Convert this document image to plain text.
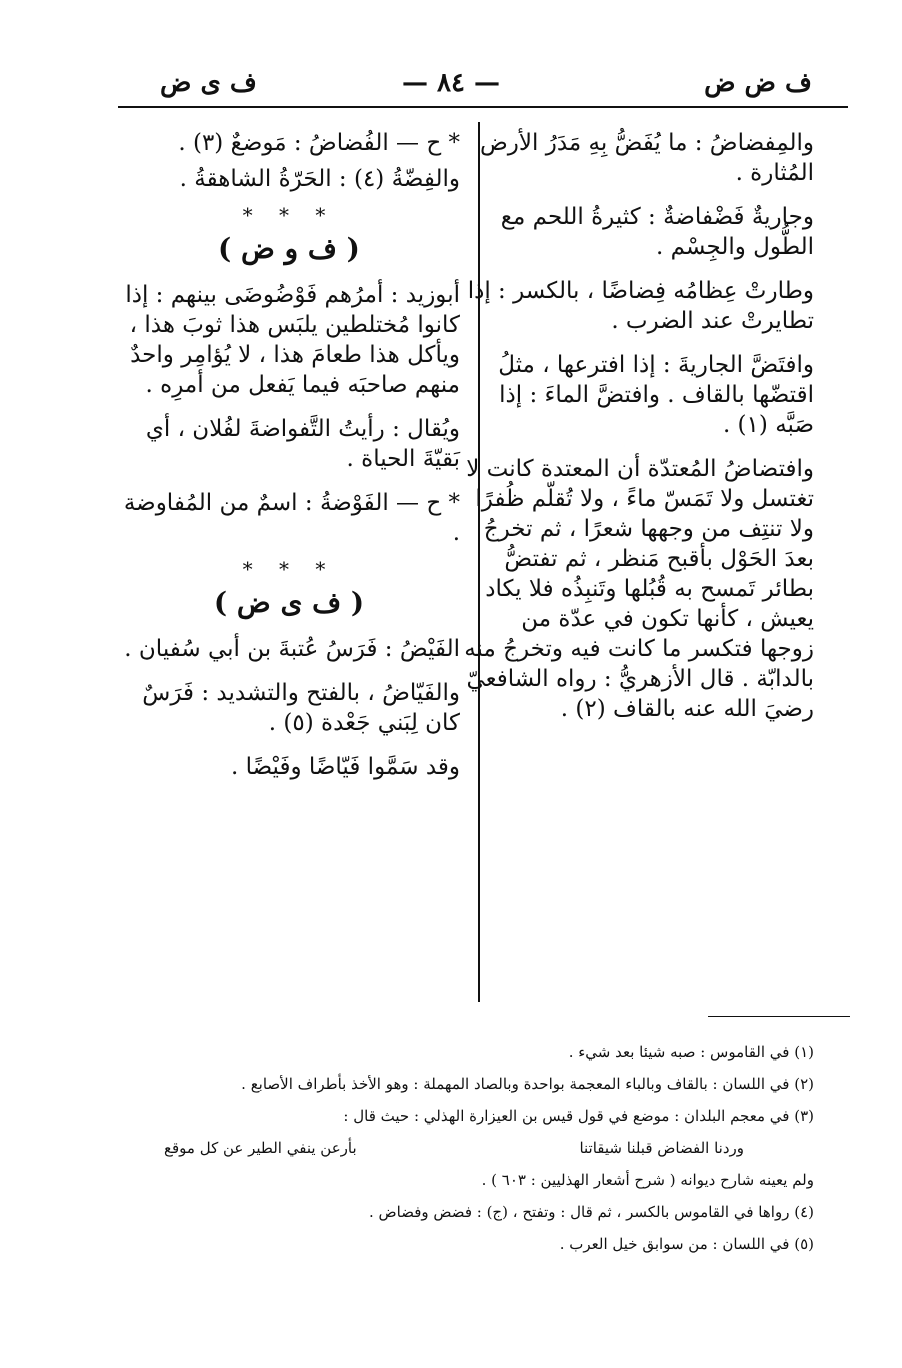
ف ض ض
— ٨٤ —
ف ى ض

والمِفضاضُ : ما يُفَضُّ بِهِ مَدَرُ الأرض المُثارة .

وجاريةٌ فَضْفاضةٌ : كثيرةُ اللحم مع الطُّول والجِسْم .

وطارتْ عِظامُه فِضاضًا ، بالكسر : إذا تطايرتْ عند الضرب .

وافتَضَّ الجاريةَ : إذا افترعها ، مثلُ اقتضّها بالقاف . وافتضَّ الماءَ : إذا صَبَّه (١) .

وافتضاضُ المُعتدّة أن المعتدة كانت لا تغتسل ولا تَمَسّ ماءً ، ولا تُقلّم ظُفرًا ولا تنتِف من وجهها شعرًا ، ثم تخرجُ بعدَ الحَوْل بأقبح مَنظر ، ثم تفتضُّ بطائر تَمسح به قُبُلها وتَنبِذُه فلا يكاد يعيش ، كأنها تكون في عدّة من زوجها فتكسر ما كانت فيه وتخرجُ منه بالدابّة . قال الأزهريُّ : رواه الشافعيّ رضيَ الله عنه بالقاف (٢) .

* ح — الفُضاضُ : مَوضعٌ (٣) .

والفِضّةُ (٤) : الحَرّةُ الشاهقةُ .

* * *
( ف و ض )

أبوزيد : أمرُهم فَوْضُوضَى بينهم : إذا كانوا مُختلطين يلبَس هذا ثوبَ هذا ، ويأكل هذا طعامَ هذا ، لا يُؤامِر واحدٌ منهم صاحبَه فيما يَفعل من أمرِه .

ويُقال : رأيتُ التَّفواضةَ لفُلان ، أي بَقيّةَ الحياة .

* ح — الفَوْضةُ : اسمٌ من المُفاوضة .

* * *
( ف ى ض )

الفَيْضُ : فَرَسُ عُتبةَ بن أبي سُفيان .

والفَيّاضُ ، بالفتح والتشديد : فَرَسٌ كان لِبَني جَعْدة (٥) .

وقد سَمَّوا فَيّاضًا وفَيْضًا .

(١) في القاموس : صبه شيئا بعد شيء .
(٢) في اللسان : بالقاف وبالباء المعجمة بواحدة وبالصاد المهملة : وهو الأخذ بأطراف الأصابع .
(٣) في معجم البلدان : موضع في قول قيس بن العيزارة الهذلي : حيث قال :
وردنا الفضاض قبلنا شيقاتنا
بأرعن ينفي الطير عن كل موقع
ولم يعينه شارح ديوانه ( شرح أشعار الهذليين : ٦٠٣ ) .
(٤) رواها في القاموس بالكسر ، ثم قال : وتفتح ، (ج) : فضض وفضاض .
(٥) في اللسان : من سوابق خيل العرب .
